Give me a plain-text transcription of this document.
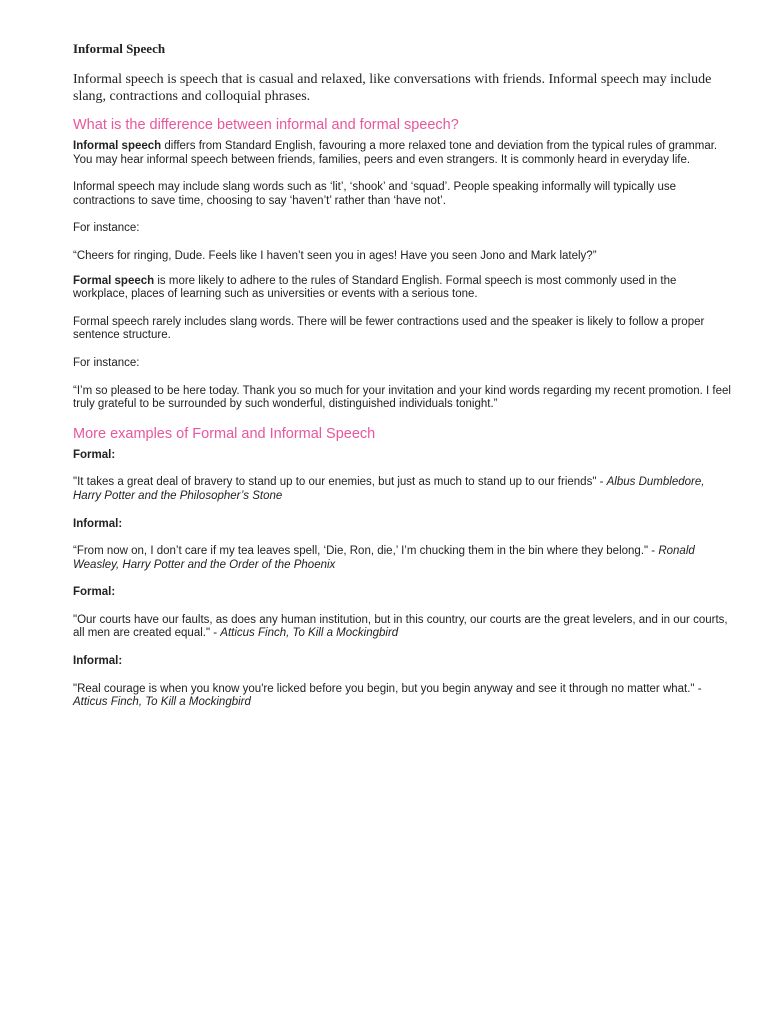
Informal Speech

Informal speech is speech that is casual and relaxed, like conversations with friends. Informal speech may include slang, contractions and colloquial phrases.

What is the difference between informal and formal speech?

Informal speech differs from Standard English, favouring a more relaxed tone and deviation from the typical rules of grammar. You may hear informal speech between friends, families, peers and even strangers. It is commonly heard in everyday life.

Informal speech may include slang words such as ‘lit’, ‘shook’ and ‘squad’. People speaking informally will typically use contractions to save time, choosing to say ‘haven’t’ rather than ‘have not’.

For instance:

“Cheers for ringing, Dude. Feels like I haven’t seen you in ages! Have you seen Jono and Mark lately?”

Formal speech is more likely to adhere to the rules of Standard English. Formal speech is most commonly used in the workplace, places of learning such as universities or events with a serious tone.

Formal speech rarely includes slang words. There will be fewer contractions used and the speaker is likely to follow a proper sentence structure.

For instance:

“I’m so pleased to be here today. Thank you so much for your invitation and your kind words regarding my recent promotion. I feel truly grateful to be surrounded by such wonderful, distinguished individuals tonight.”

More examples of Formal and Informal Speech

Formal:

"It takes a great deal of bravery to stand up to our enemies, but just as much to stand up to our friends" - Albus Dumbledore, Harry Potter and the Philosopher’s Stone

Informal:

“From now on, I don’t care if my tea leaves spell, ‘Die, Ron, die,’ I’m chucking them in the bin where they belong." - Ronald Weasley, Harry Potter and the Order of the Phoenix

Formal:

"Our courts have our faults, as does any human institution, but in this country, our courts are the great levelers, and in our courts, all men are created equal." - Atticus Finch, To Kill a Mockingbird

Informal:

"Real courage is when you know you're licked before you begin, but you begin anyway and see it through no matter what." - Atticus Finch, To Kill a Mockingbird
